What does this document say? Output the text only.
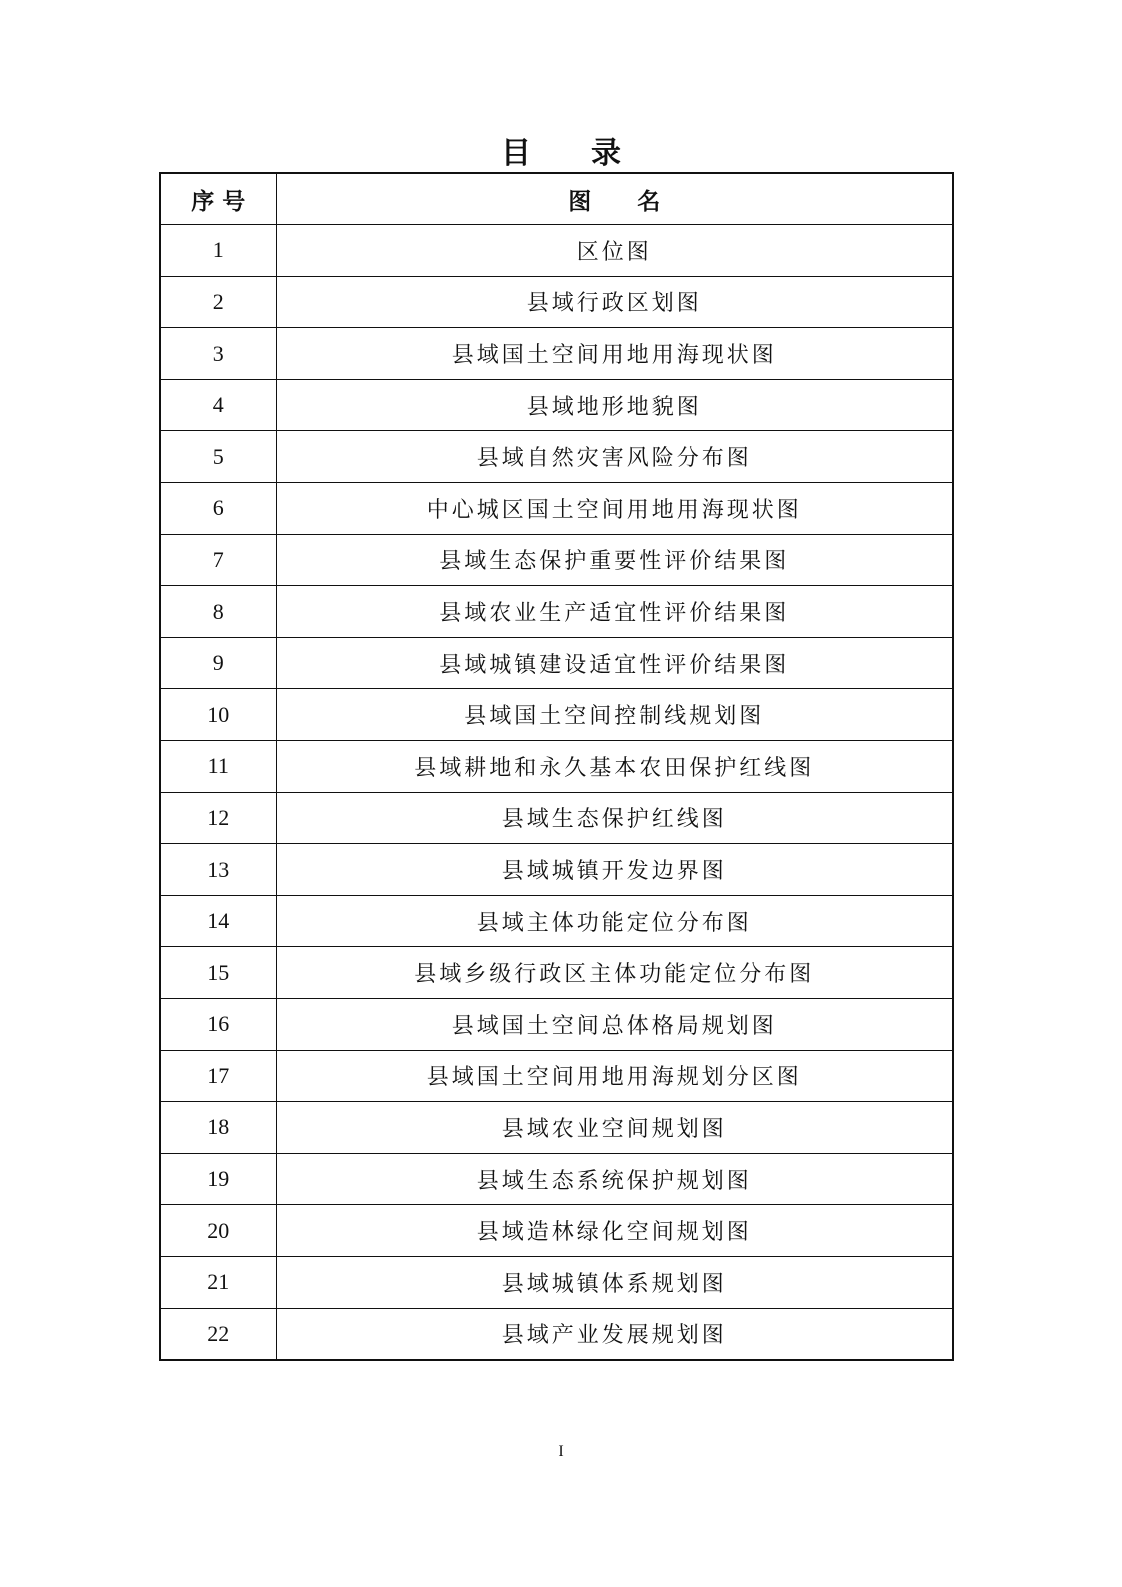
目　　录
序 号	图　　名
1	区位图
2	县域行政区划图
3	县域国土空间用地用海现状图
4	县域地形地貌图
5	县域自然灾害风险分布图
6	中心城区国土空间用地用海现状图
7	县域生态保护重要性评价结果图
8	县域农业生产适宜性评价结果图
9	县域城镇建设适宜性评价结果图
10	县域国土空间控制线规划图
11	县域耕地和永久基本农田保护红线图
12	县域生态保护红线图
13	县域城镇开发边界图
14	县域主体功能定位分布图
15	县域乡级行政区主体功能定位分布图
16	县域国土空间总体格局规划图
17	县域国土空间用地用海规划分区图
18	县域农业空间规划图
19	县域生态系统保护规划图
20	县域造林绿化空间规划图
21	县域城镇体系规划图
22	县域产业发展规划图
I
